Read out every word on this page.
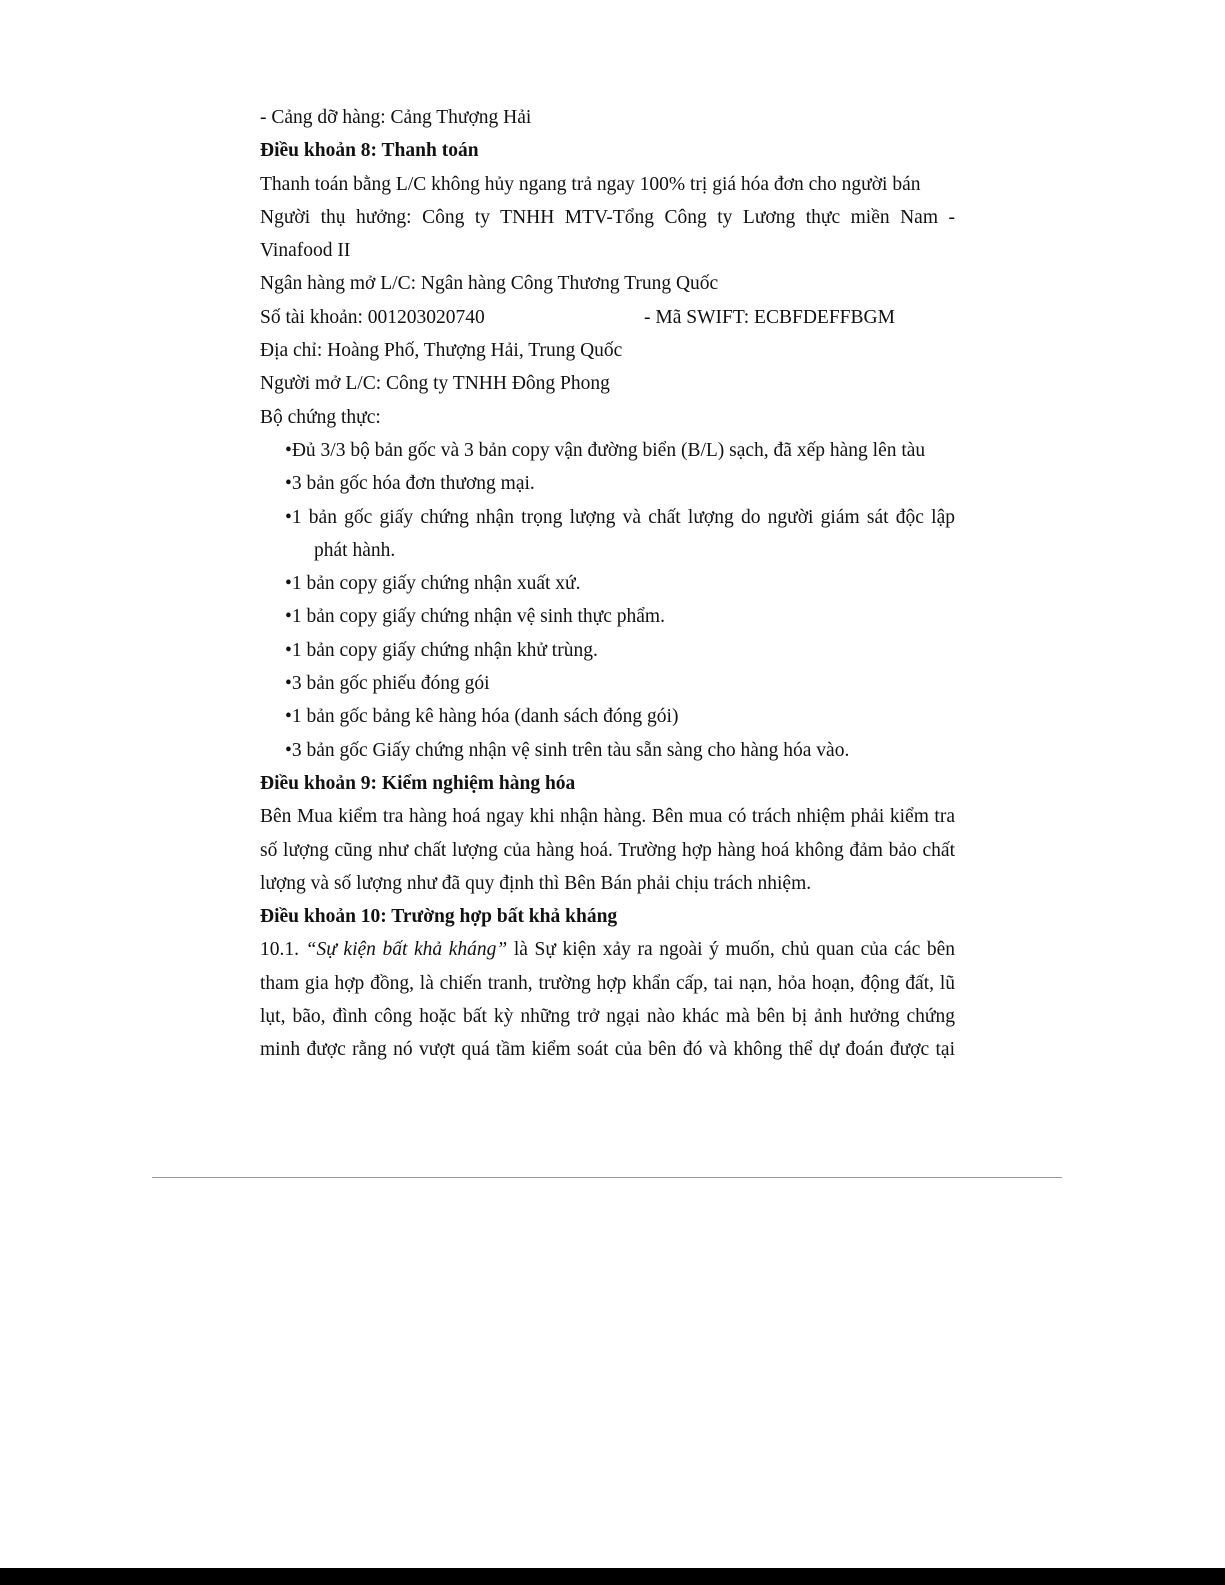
- Cảng dỡ hàng: Cảng Thượng Hải
Điều khoản 8: Thanh toán
Thanh toán bằng L/C không hủy ngang trả ngay 100% trị giá hóa đơn cho người bán
Người thụ hưởng: Công ty TNHH MTV-Tổng Công ty Lương thực miền Nam -
Vinafood II
Ngân hàng mở L/C: Ngân hàng Công Thương Trung Quốc
Số tài khoản: 001203020740	- Mã SWIFT: ECBFDEFFBGM
Địa chỉ: Hoàng Phố, Thượng Hải, Trung Quốc
Người mở L/C: Công ty TNHH Đông Phong
Bộ chứng thực:
•Đủ 3/3 bộ bản gốc và 3 bản copy vận đường biển (B/L) sạch, đã xếp hàng lên tàu
•3 bản gốc hóa đơn thương mại.
•1 bản gốc giấy chứng nhận trọng lượng và chất lượng do người giám sát độc lập
phát hành.
•1 bản copy giấy chứng nhận xuất xứ.
•1 bản copy giấy chứng nhận vệ sinh thực phẩm.
•1 bản copy giấy chứng nhận khử trùng.
•3 bản gốc phiếu đóng gói
•1 bản gốc bảng kê hàng hóa (danh sách đóng gói)
•3 bản gốc Giấy chứng nhận vệ sinh trên tàu sẵn sàng cho hàng hóa vào.
Điều khoản 9: Kiểm nghiệm hàng hóa
Bên Mua kiểm tra hàng hoá ngay khi nhận hàng. Bên mua có trách nhiệm phải kiểm tra
số lượng cũng như chất lượng của hàng hoá. Trường hợp hàng hoá không đảm bảo chất
lượng và số lượng như đã quy định thì Bên Bán phải chịu trách nhiệm.
Điều khoản 10: Trường hợp bất khả kháng
10.1. “Sự kiện bất khả kháng” là Sự kiện xảy ra ngoài ý muốn, chủ quan của các bên
tham gia hợp đồng, là chiến tranh, trường hợp khẩn cấp, tai nạn, hỏa hoạn, động đất, lũ
lụt, bão, đình công hoặc bất kỳ những trở ngại nào khác mà bên bị ảnh hưởng chứng
minh được rằng nó vượt quá tầm kiểm soát của bên đó và không thể dự đoán được tại
